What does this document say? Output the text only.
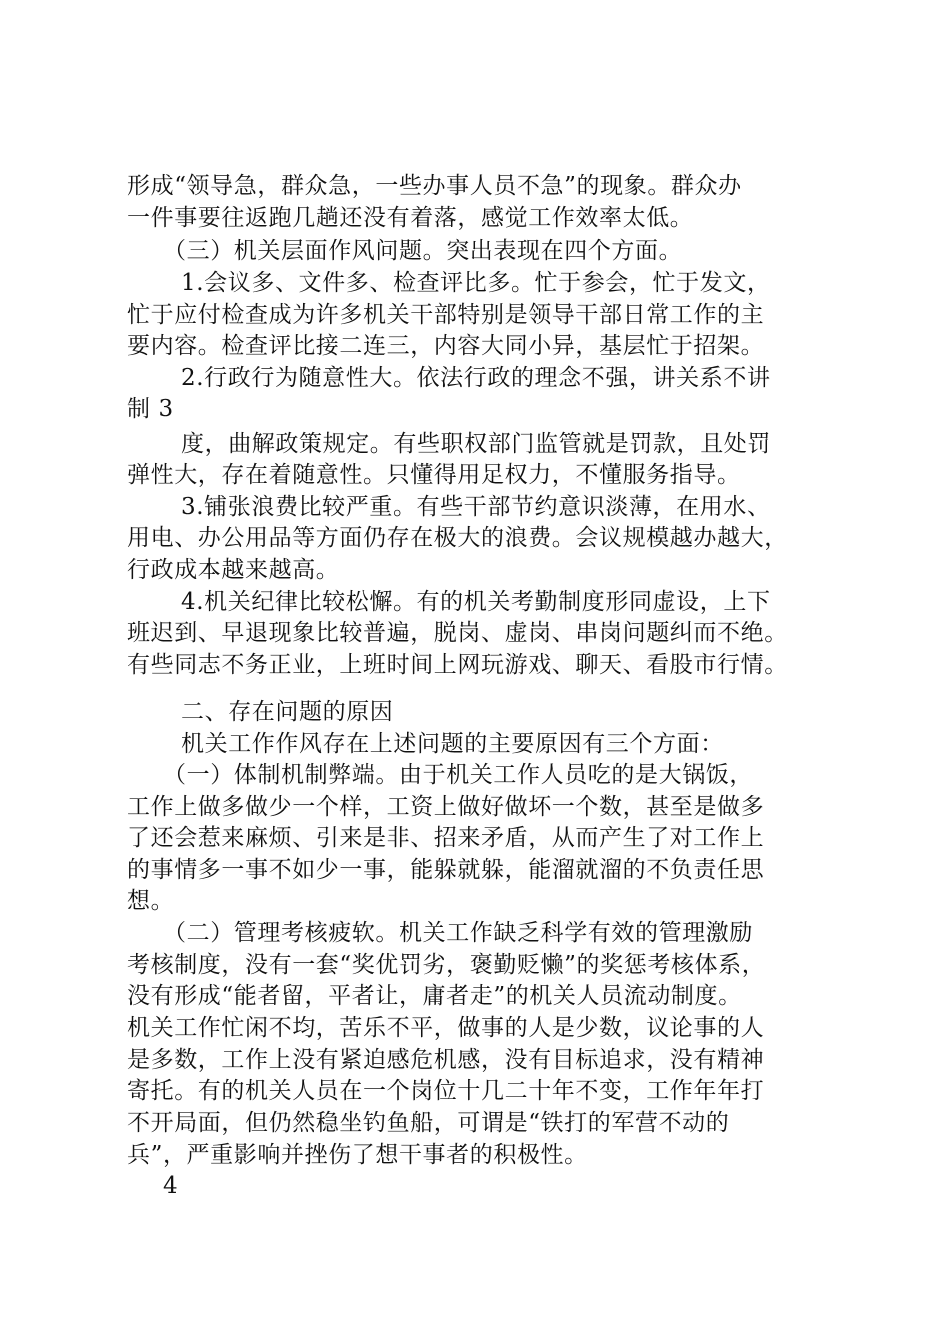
形成“领导急，群众急，一些办事人员不急”的现象。群众办
一件事要往返跑几趟还没有着落，感觉工作效率太低。
（三）机关层面作风问题。突出表现在四个方面。
1.会议多、文件多、检查评比多。忙于参会，忙于发文，
忙于应付检查成为许多机关干部特别是领导干部日常工作的主
要内容。检查评比接二连三，内容大同小异，基层忙于招架。
2.行政行为随意性大。依法行政的理念不强，讲关系不讲
制 3
度，曲解政策规定。有些职权部门监管就是罚款，且处罚
弹性大，存在着随意性。只懂得用足权力，不懂服务指导。
3.铺张浪费比较严重。有些干部节约意识淡薄，在用水、
用电、办公用品等方面仍存在极大的浪费。会议规模越办越大，
行政成本越来越高。
4.机关纪律比较松懈。有的机关考勤制度形同虚设，上下
班迟到、早退现象比较普遍，脱岗、虚岗、串岗问题纠而不绝。
有些同志不务正业，上班时间上网玩游戏、聊天、看股市行情。
二、存在问题的原因
机关工作作风存在上述问题的主要原因有三个方面：
（一）体制机制弊端。由于机关工作人员吃的是大锅饭，
工作上做多做少一个样，工资上做好做坏一个数，甚至是做多
了还会惹来麻烦、引来是非、招来矛盾，从而产生了对工作上
的事情多一事不如少一事，能躲就躲，能溜就溜的不负责任思
想。
（二）管理考核疲软。机关工作缺乏科学有效的管理激励
考核制度，没有一套“奖优罚劣，褒勤贬懒”的奖惩考核体系，
没有形成“能者留，平者让，庸者走”的机关人员流动制度。
机关工作忙闲不均，苦乐不平，做事的人是少数，议论事的人
是多数，工作上没有紧迫感危机感，没有目标追求，没有精神
寄托。有的机关人员在一个岗位十几二十年不变，工作年年打
不开局面，但仍然稳坐钓鱼船，可谓是“铁打的军营不动的
兵”，严重影响并挫伤了想干事者的积极性。
4
